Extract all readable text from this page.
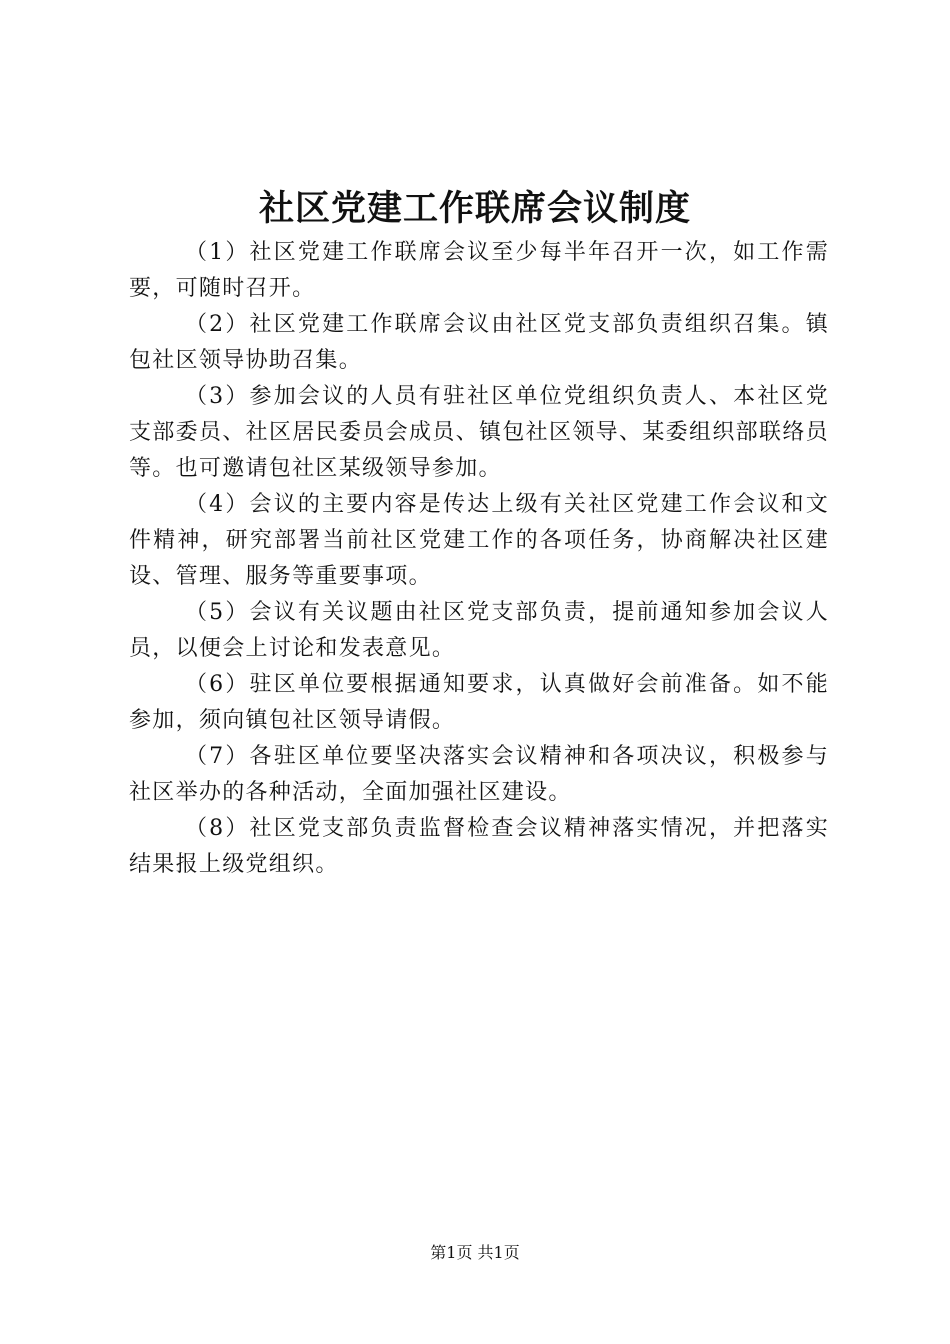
社区党建工作联席会议制度

（1）社区党建工作联席会议至少每半年召开一次，如工作需要，可随时召开。

（2）社区党建工作联席会议由社区党支部负责组织召集。镇包社区领导协助召集。

（3）参加会议的人员有驻社区单位党组织负责人、本社区党支部委员、社区居民委员会成员、镇包社区领导、某委组织部联络员等。也可邀请包社区某级领导参加。

（4）会议的主要内容是传达上级有关社区党建工作会议和文件精神，研究部署当前社区党建工作的各项任务，协商解决社区建设、管理、服务等重要事项。

（5）会议有关议题由社区党支部负责，提前通知参加会议人员，以便会上讨论和发表意见。

（6）驻区单位要根据通知要求，认真做好会前准备。如不能参加，须向镇包社区领导请假。

（7）各驻区单位要坚决落实会议精神和各项决议，积极参与社区举办的各种活动，全面加强社区建设。

（8）社区党支部负责监督检查会议精神落实情况，并把落实结果报上级党组织。

第1页 共1页
